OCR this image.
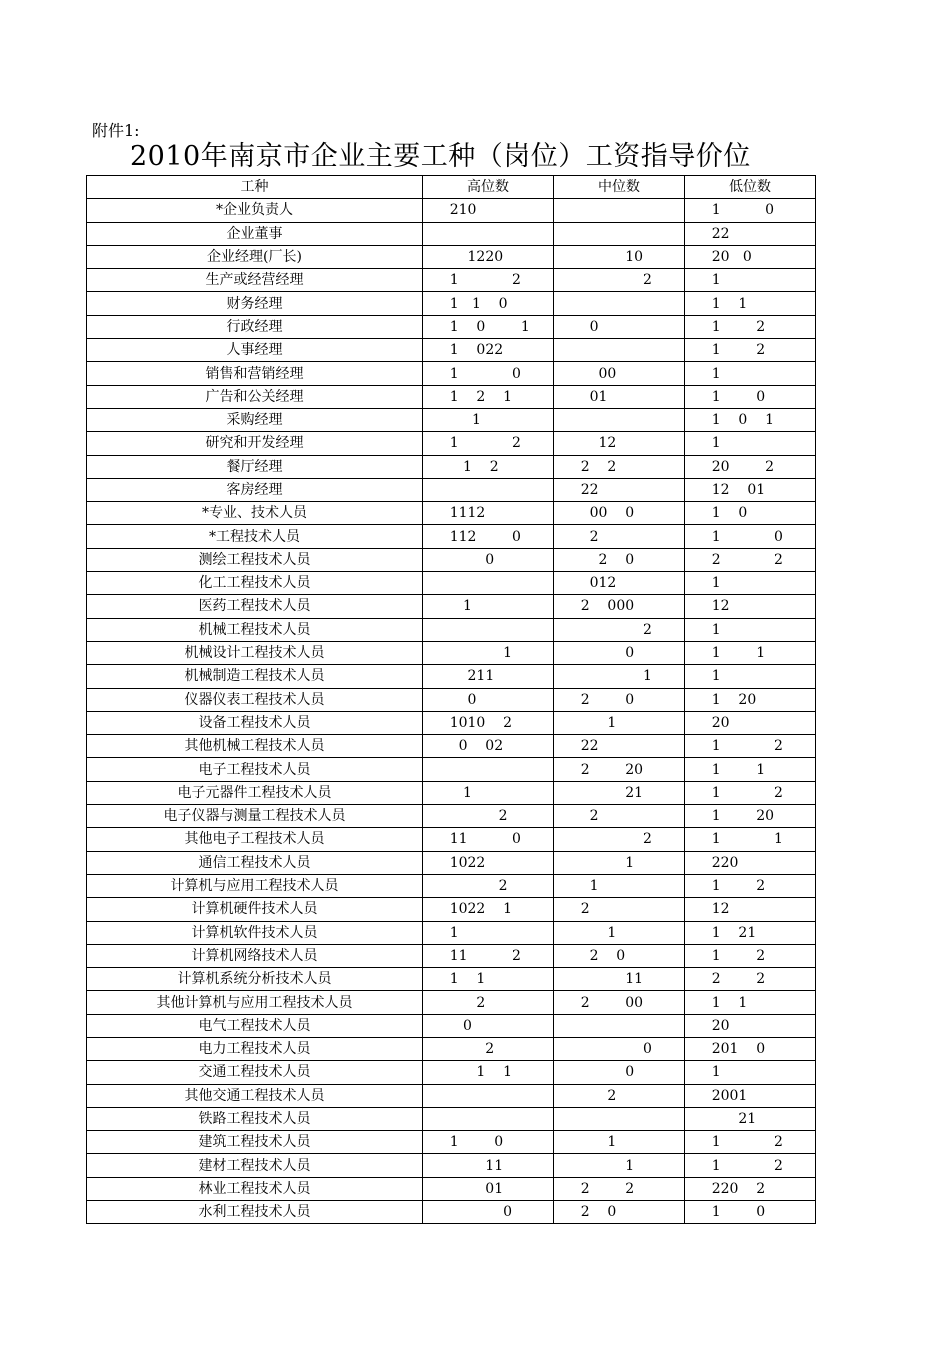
附件1:
2010年南京市企业主要工种（岗位）工资指导价位
工种	高位数	中位数	低位数
*企业负责人	210		1          0
企业董事			22
企业经理(厂长)	1220	10	20   0
生产或经营经理	1            2	2	1
财务经理	1   1    0		1    1
行政经理	1    0        1	0	1        2
人事经理	1    022		1        2
销售和营销经理	1            0	00	1
广告和公关经理	1    2    1	01	1        0
采购经理	1		1    0    1
研究和开发经理	1            2	12	1
餐厅经理	1    2	2    2	20        2
客房经理		22	12    01
*专业、技术人员	1112	00    0	1    0
*工程技术人员	112        0	2	1            0
测绘工程技术人员	0	2    0	2            2
化工工程技术人员		012	1
医药工程技术人员	1	2    000	12
机械工程技术人员		2	1
机械设计工程技术人员	1	0	1        1
机械制造工程技术人员	211	1	1
仪器仪表工程技术人员	0	2        0	1    20
设备工程技术人员	1010    2	1	20
其他机械工程技术人员	0    02	22	1            2
电子工程技术人员		2        20	1        1
电子元器件工程技术人员	1	21	1            2
电子仪器与测量工程技术人员	2	2	1        20
其他电子工程技术人员	11          0	2	1            1
通信工程技术人员	1022	1	220
计算机与应用工程技术人员	2	1	1        2
计算机硬件技术人员	1022    1	2	12
计算机软件技术人员	1	1	1    21
计算机网络技术人员	11          2	2    0	1        2
计算机系统分析技术人员	1    1	11	2        2
其他计算机与应用工程技术人员	2	2        00	1    1
电气工程技术人员	0		20
电力工程技术人员	2	0	201    0
交通工程技术人员	1    1	0	1
其他交通工程技术人员		2	2001
铁路工程技术人员			21
建筑工程技术人员	1        0	1	1            2
建材工程技术人员	11	1	1            2
林业工程技术人员	01	2        2	220    2
水利工程技术人员	0	2    0	1        0
